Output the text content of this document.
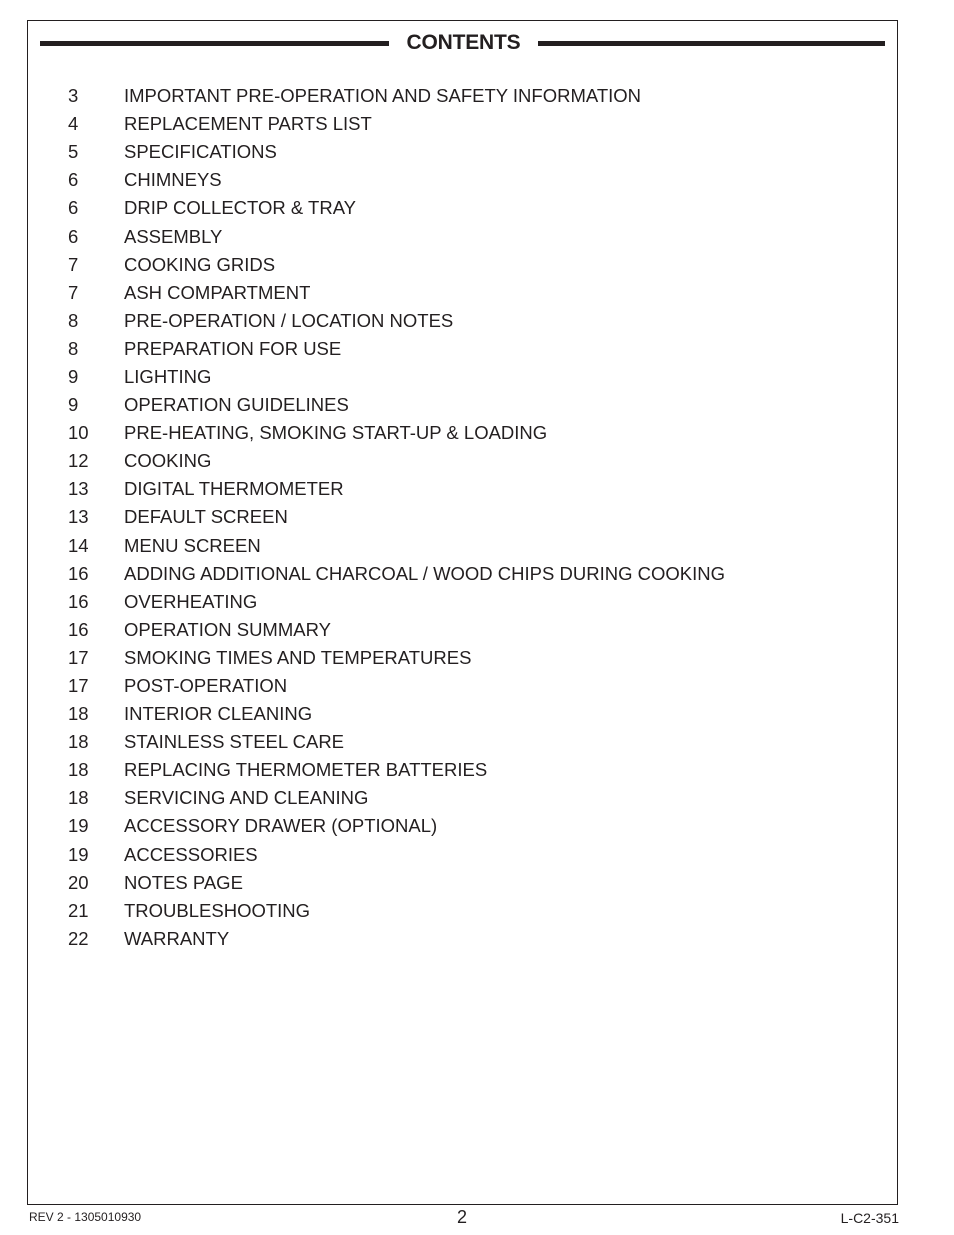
CONTENTS
3	IMPORTANT PRE-OPERATION AND SAFETY INFORMATION
4	REPLACEMENT PARTS LIST
5	SPECIFICATIONS
6	CHIMNEYS
6	DRIP COLLECTOR & TRAY
6	ASSEMBLY
7	COOKING GRIDS
7	ASH COMPARTMENT
8	PRE-OPERATION / LOCATION NOTES
8	PREPARATION FOR USE
9	LIGHTING
9	OPERATION GUIDELINES
10	PRE-HEATING, SMOKING START-UP & LOADING
12	COOKING
13	DIGITAL THERMOMETER
13	DEFAULT SCREEN
14	MENU SCREEN
16	ADDING ADDITIONAL CHARCOAL / WOOD CHIPS DURING COOKING
16	OVERHEATING
16	OPERATION SUMMARY
17	SMOKING TIMES AND TEMPERATURES
17	POST-OPERATION
18	INTERIOR CLEANING
18	STAINLESS STEEL CARE
18	REPLACING THERMOMETER BATTERIES
18	SERVICING AND CLEANING
19	ACCESSORY DRAWER (OPTIONAL)
19	ACCESSORIES
20	NOTES PAGE
21	TROUBLESHOOTING
22	WARRANTY
REV 2 - 1305010930	2	L-C2-351
